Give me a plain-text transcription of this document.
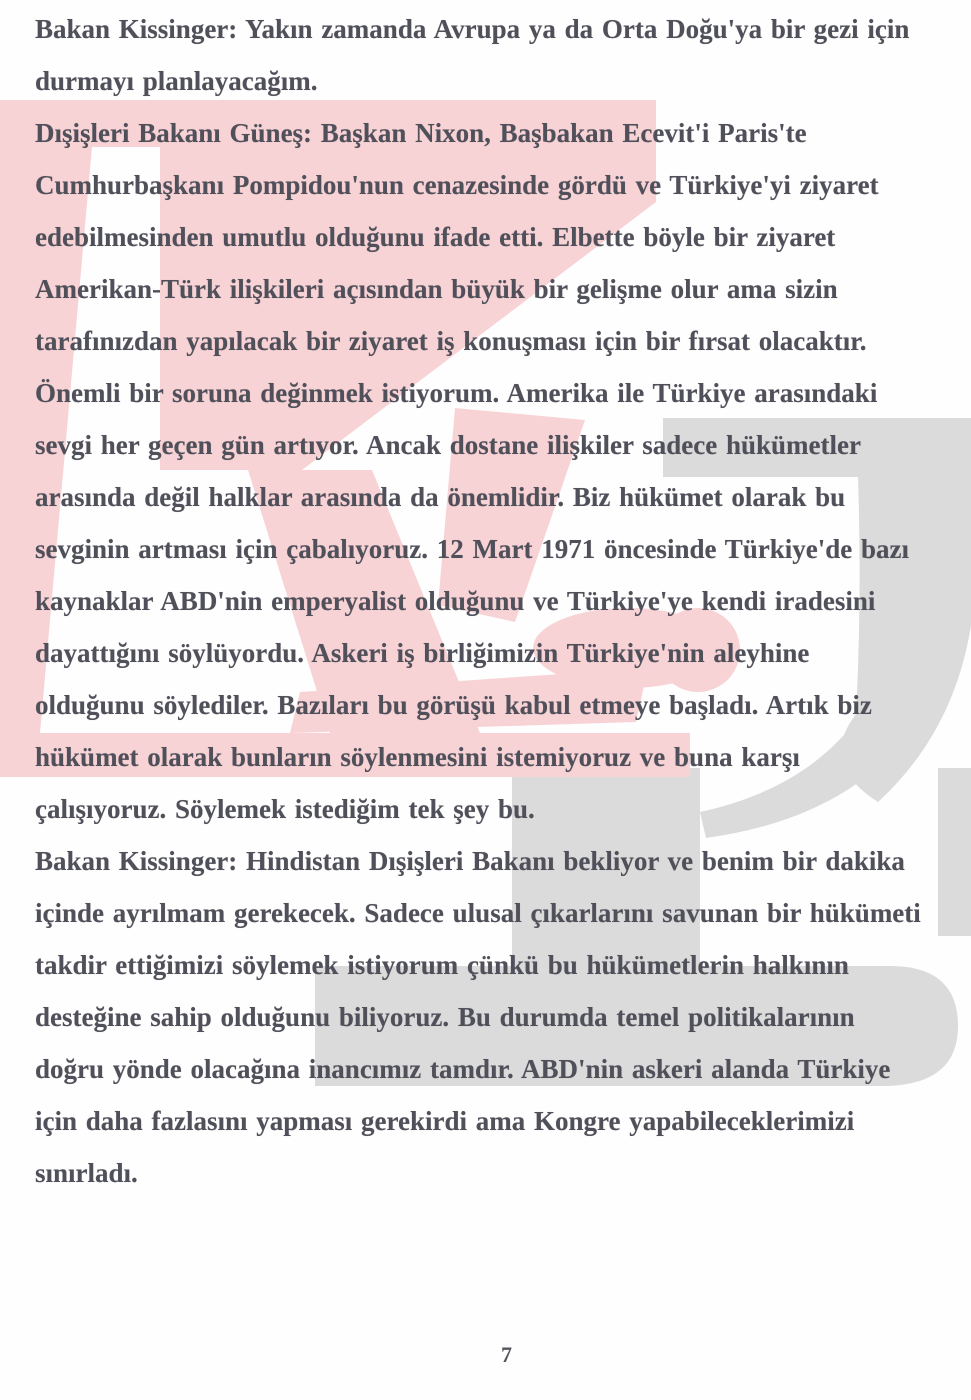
Bakan Kissinger: Yakın zamanda Avrupa ya da Orta Doğu'ya bir gezi için
durmayı planlayacağım.
Dışişleri Bakanı Güneş: Başkan Nixon, Başbakan Ecevit'i Paris'te
Cumhurbaşkanı Pompidou'nun cenazesinde gördü ve Türkiye'yi ziyaret
edebilmesinden umutlu olduğunu ifade etti. Elbette böyle bir ziyaret
Amerikan-Türk ilişkileri açısından büyük bir gelişme olur ama sizin
tarafınızdan yapılacak bir ziyaret iş konuşması için bir fırsat olacaktır.
Önemli bir soruna değinmek istiyorum. Amerika ile Türkiye arasındaki
sevgi her geçen gün artıyor. Ancak dostane ilişkiler sadece hükümetler
arasında değil halklar arasında da önemlidir. Biz hükümet olarak bu
sevginin artması için çabalıyoruz. 12 Mart 1971 öncesinde Türkiye'de bazı
kaynaklar ABD'nin emperyalist olduğunu ve Türkiye'ye kendi iradesini
dayattığını söylüyordu. Askeri iş birliğimizin Türkiye'nin aleyhine
olduğunu söylediler. Bazıları bu görüşü kabul etmeye başladı. Artık biz
hükümet olarak bunların söylenmesini istemiyoruz ve buna karşı
çalışıyoruz. Söylemek istediğim tek şey bu.
Bakan Kissinger: Hindistan Dışişleri Bakanı bekliyor ve benim bir dakika
içinde ayrılmam gerekecek. Sadece ulusal çıkarlarını savunan bir hükümeti
takdir ettiğimizi söylemek istiyorum çünkü bu hükümetlerin halkının
desteğine sahip olduğunu biliyoruz. Bu durumda temel politikalarının
doğru yönde olacağına inancımız tamdır. ABD'nin askeri alanda Türkiye
için daha fazlasını yapması gerekirdi ama Kongre yapabileceklerimizi
sınırladı.
7
